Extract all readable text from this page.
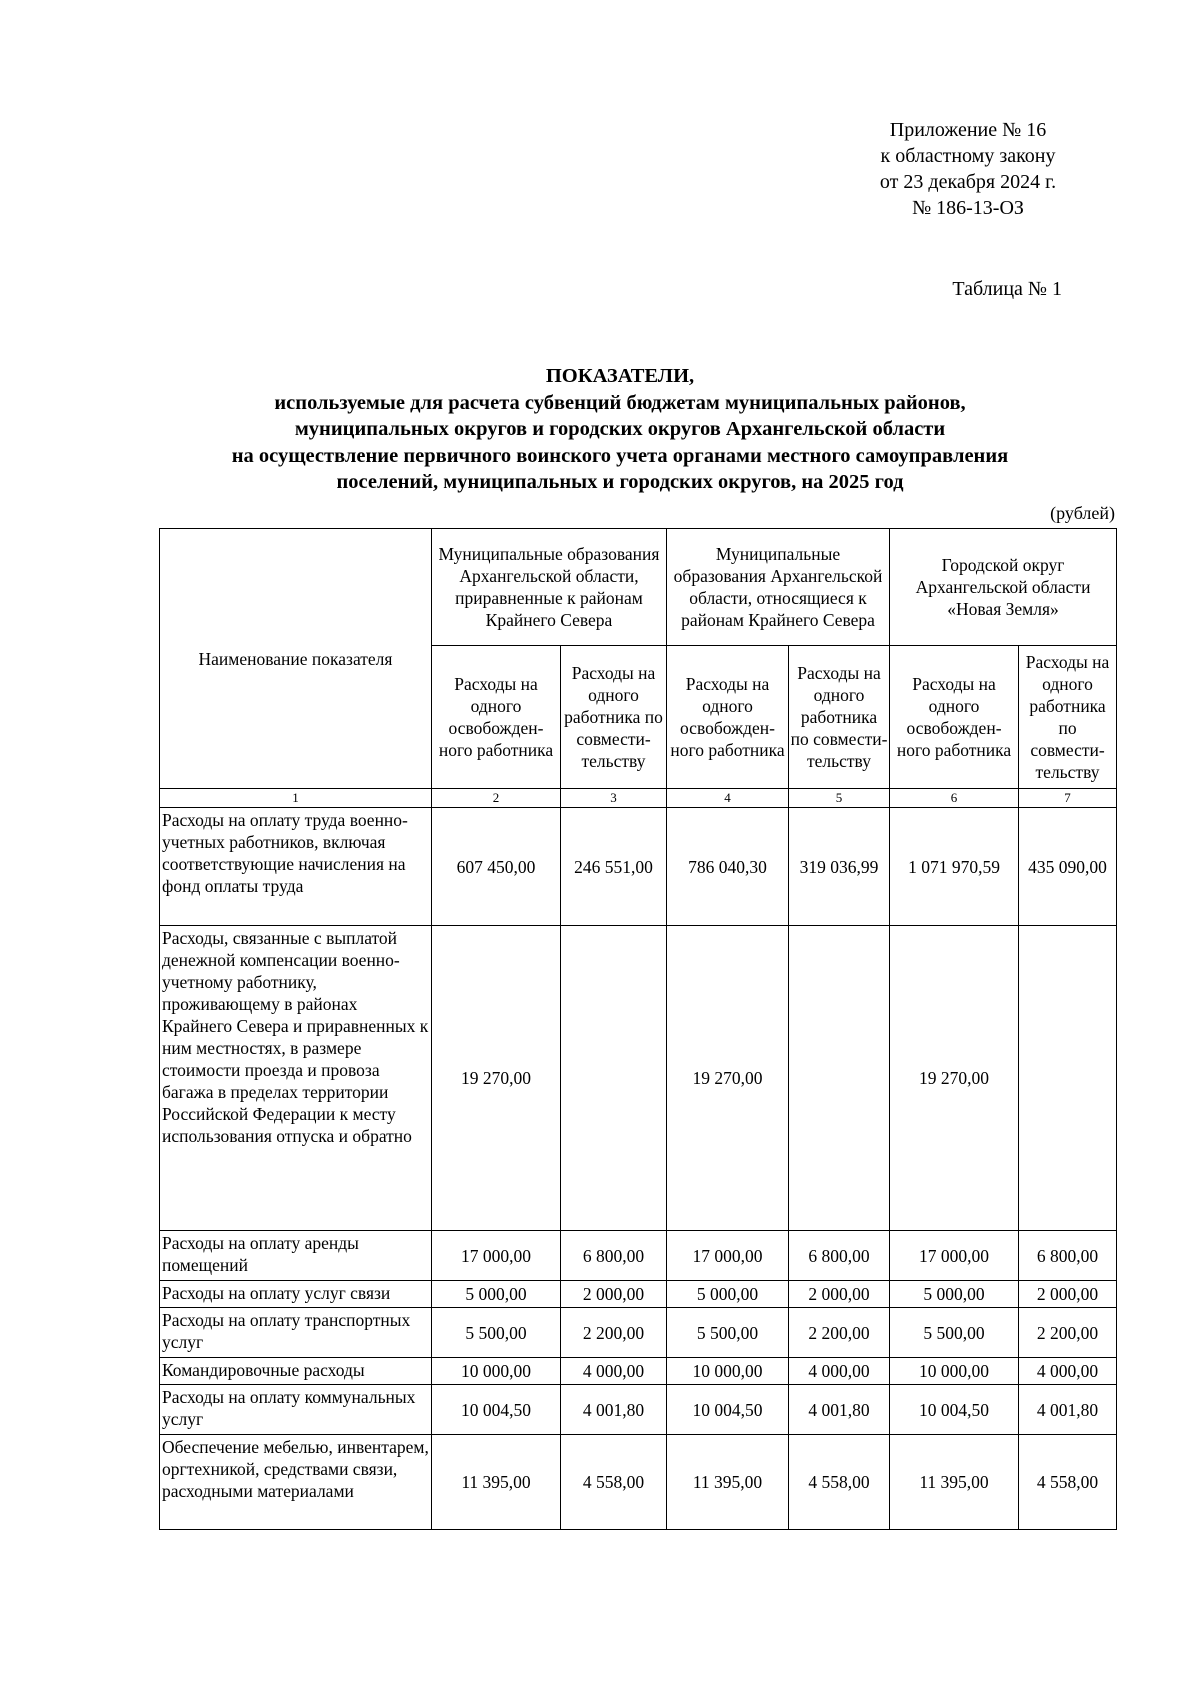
Приложение № 16
к областному закону
от 23 декабря 2024 г.
№ 186-13-ОЗ
Таблица № 1
ПОКАЗАТЕЛИ,
используемые для расчета субвенций бюджетам муниципальных районов,
муниципальных округов и городских округов Архангельской области
на осуществление первичного воинского учета органами местного самоуправления
поселений, муниципальных и городских округов, на 2025 год
(рублей)
Наименование показателя	Муниципальные образования Архангельской области, приравненные к районам Крайнего Севера		Муниципальные образования Архангельской области, относящиеся к районам Крайнего Севера		Городской округ Архангельской области «Новая Земля»	
	Расходы на одного освобожден-ного работника	Расходы на одного работника по совмести-тельству	Расходы на одного освобожден-ного работника	Расходы на одного работника по совмести-тельству	Расходы на одного освобожден-ного работника	Расходы на одного работника по совмести-тельству
1	2	3	4	5	6	7
Расходы на оплату труда военно-учетных работников, включая соответствующие начисления на фонд оплаты труда	607 450,00	246 551,00	786 040,30	319 036,99	1 071 970,59	435 090,00
Расходы, связанные с выплатой денежной компенсации военно-учетному работнику, проживающему в районах Крайнего Севера и приравненных к ним местностях, в размере стоимости проезда и провоза багажа в пределах территории Российской Федерации к месту использования отпуска и обратно	19 270,00		19 270,00		19 270,00	
Расходы на оплату аренды помещений	17 000,00	6 800,00	17 000,00	6 800,00	17 000,00	6 800,00
Расходы на оплату услуг связи	5 000,00	2 000,00	5 000,00	2 000,00	5 000,00	2 000,00
Расходы на оплату транспортных услуг	5 500,00	2 200,00	5 500,00	2 200,00	5 500,00	2 200,00
Командировочные расходы	10 000,00	4 000,00	10 000,00	4 000,00	10 000,00	4 000,00
Расходы на оплату коммунальных услуг	10 004,50	4 001,80	10 004,50	4 001,80	10 004,50	4 001,80
Обеспечение мебелью, инвентарем, оргтехникой, средствами связи, расходными материалами	11 395,00	4 558,00	11 395,00	4 558,00	11 395,00	4 558,00
